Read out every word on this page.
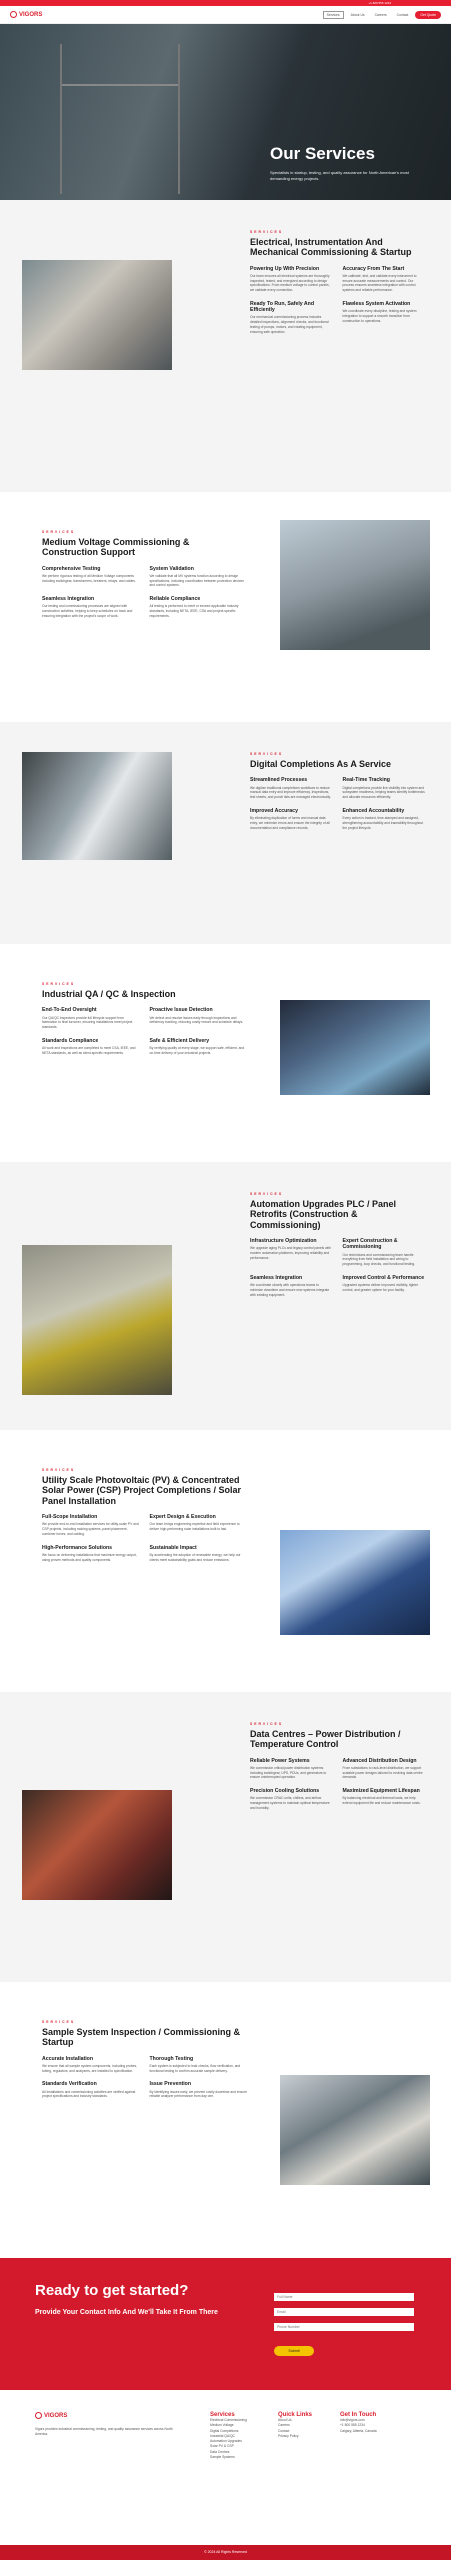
+1 800 555 1234
VIGORS	Services	About Us	Careers	Contact	Get Quote
Our Services
Specialists in startup, testing, and quality assurance for North American's most demanding energy projects.
SERVICES
Electrical, Instrumentation And Mechanical Commissioning & Startup
Powering Up With Precision
Our team ensures all electrical systems are thoroughly inspected, tested, and energized according to design specifications. From medium voltage to control panels, we validate every connection.
Accuracy From The Start
We calibrate, test, and validate every instrument to ensure accurate measurements and control. Our process ensures seamless integration with control systems and reliable performance.
Ready To Run, Safely And Efficiently
Our mechanical commissioning process includes detailed inspections, alignment checks, and functional testing of pumps, motors, and rotating equipment, ensuring safe operation.
Flawless System Activation
We coordinate every discipline, testing and system integration to support a smooth transition from construction to operations.
SERVICES
Medium Voltage Commissioning & Construction Support
Comprehensive Testing
We perform rigorous testing of all Medium Voltage components including switchgear, transformers, breakers, relays, and cables.
System Validation
We validate that all MV systems function according to design specifications, including coordination between protection devices and control systems.
Seamless Integration
Our testing and commissioning processes are aligned with construction activities, helping to keep schedules on track and ensuring integration with the project's scope of work.
Reliable Compliance
All testing is performed to meet or exceed applicable industry standards, including NETA, IEEE, CSA and project-specific requirements.
SERVICES
Digital Completions As A Service
Streamlined Processes
We digitize traditional completions workflows to reduce manual data entry and improve efficiency. Inspections, test sheets, and punch lists are managed electronically.
Real-Time Tracking
Digital completions provide live visibility into system and subsystem readiness, helping teams identify bottlenecks and allocate resources efficiently.
Improved Accuracy
By eliminating duplication of forms and manual data entry, we minimize errors and ensure the integrity of all documentation and compliance records.
Enhanced Accountability
Every action is tracked, time-stamped and assigned, strengthening accountability and traceability throughout the project lifecycle.
SERVICES
Industrial QA / QC & Inspection
End-To-End Oversight
Our QA/QC inspectors provide full lifecycle support from fabrication to final turnover, ensuring installations meet project standards.
Proactive Issue Detection
We detect and resolve issues early through inspections and deficiency tracking, reducing costly rework and schedule delays.
Standards Compliance
All work and inspections are completed to meet CSA, IEEE, and NETA standards, as well as client-specific requirements.
Safe & Efficient Delivery
By verifying quality at every stage, we support safe, efficient, and on-time delivery of your industrial projects.
SERVICES
Automation Upgrades PLC / Panel Retrofits (Construction & Commissioning)
Infrastructure Optimization
We upgrade aging PLCs and legacy control panels with modern automation platforms, improving reliability and performance.
Expert Construction & Commissioning
Our technicians and commissioning team handle everything from field installation and wiring to programming, loop checks, and functional testing.
Seamless Integration
We coordinate closely with operations teams to minimize downtime and ensure new systems integrate with existing equipment.
Improved Control & Performance
Upgraded systems deliver improved visibility, tighter control, and greater uptime for your facility.
SERVICES
Utility Scale Photovoltaic (PV) & Concentrated Solar Power (CSP) Project Completions / Solar Panel Installation
Full-Scope Installation
We provide end-to-end installation services for utility-scale PV and CSP projects, including racking systems, panel placement, combiner boxes, and cabling.
Expert Design & Execution
Our team brings engineering expertise and field experience to deliver high-performing solar installations built to last.
High-Performance Solutions
We focus on delivering installations that maximize energy output, using proven methods and quality components.
Sustainable Impact
By accelerating the adoption of renewable energy, we help our clients meet sustainability goals and reduce emissions.
SERVICES
Data Centres – Power Distribution / Temperature Control
Reliable Power Systems
We commission critical power distribution systems including switchgear, UPS, PDUs, and generators to ensure uninterrupted operation.
Advanced Distribution Design
From substations to rack-level distribution, we support scalable power designs tailored to evolving data centre demands.
Precision Cooling Solutions
We commission CRAC units, chillers, and airflow management systems to maintain optimal temperature and humidity.
Maximized Equipment Lifespan
By balancing electrical and thermal loads, we help extend equipment life and reduce maintenance costs.
SERVICES
Sample System Inspection / Commissioning & Startup
Accurate Installation
We ensure that all sample system components, including probes, tubing, regulators, and analyzers, are installed to specification.
Thorough Testing
Each system is subjected to leak checks, flow verification, and functional testing to confirm accurate sample delivery.
Standards Verification
All installations and commissioning activities are verified against project specifications and industry standards.
Issue Prevention
By identifying issues early, we prevent costly downtime and ensure reliable analyzer performance from day one.
Ready to get started?
Provide Your Contact Info And We'll Take It From There
Full Name
Email
Phone Number
Submit
VIGORS
Vigors provides industrial commissioning, testing, and quality assurance services across North America.
Services
Electrical Commissioning
Medium Voltage
Digital Completions
Industrial QA/QC
Automation Upgrades
Solar PV & CSP
Data Centres
Sample Systems
Quick Links
About Us
Careers
Contact
Privacy Policy
Get In Touch
info@vigors.com
+1 800 555 1234
Calgary, Alberta, Canada
© 2024 All Rights Reserved
